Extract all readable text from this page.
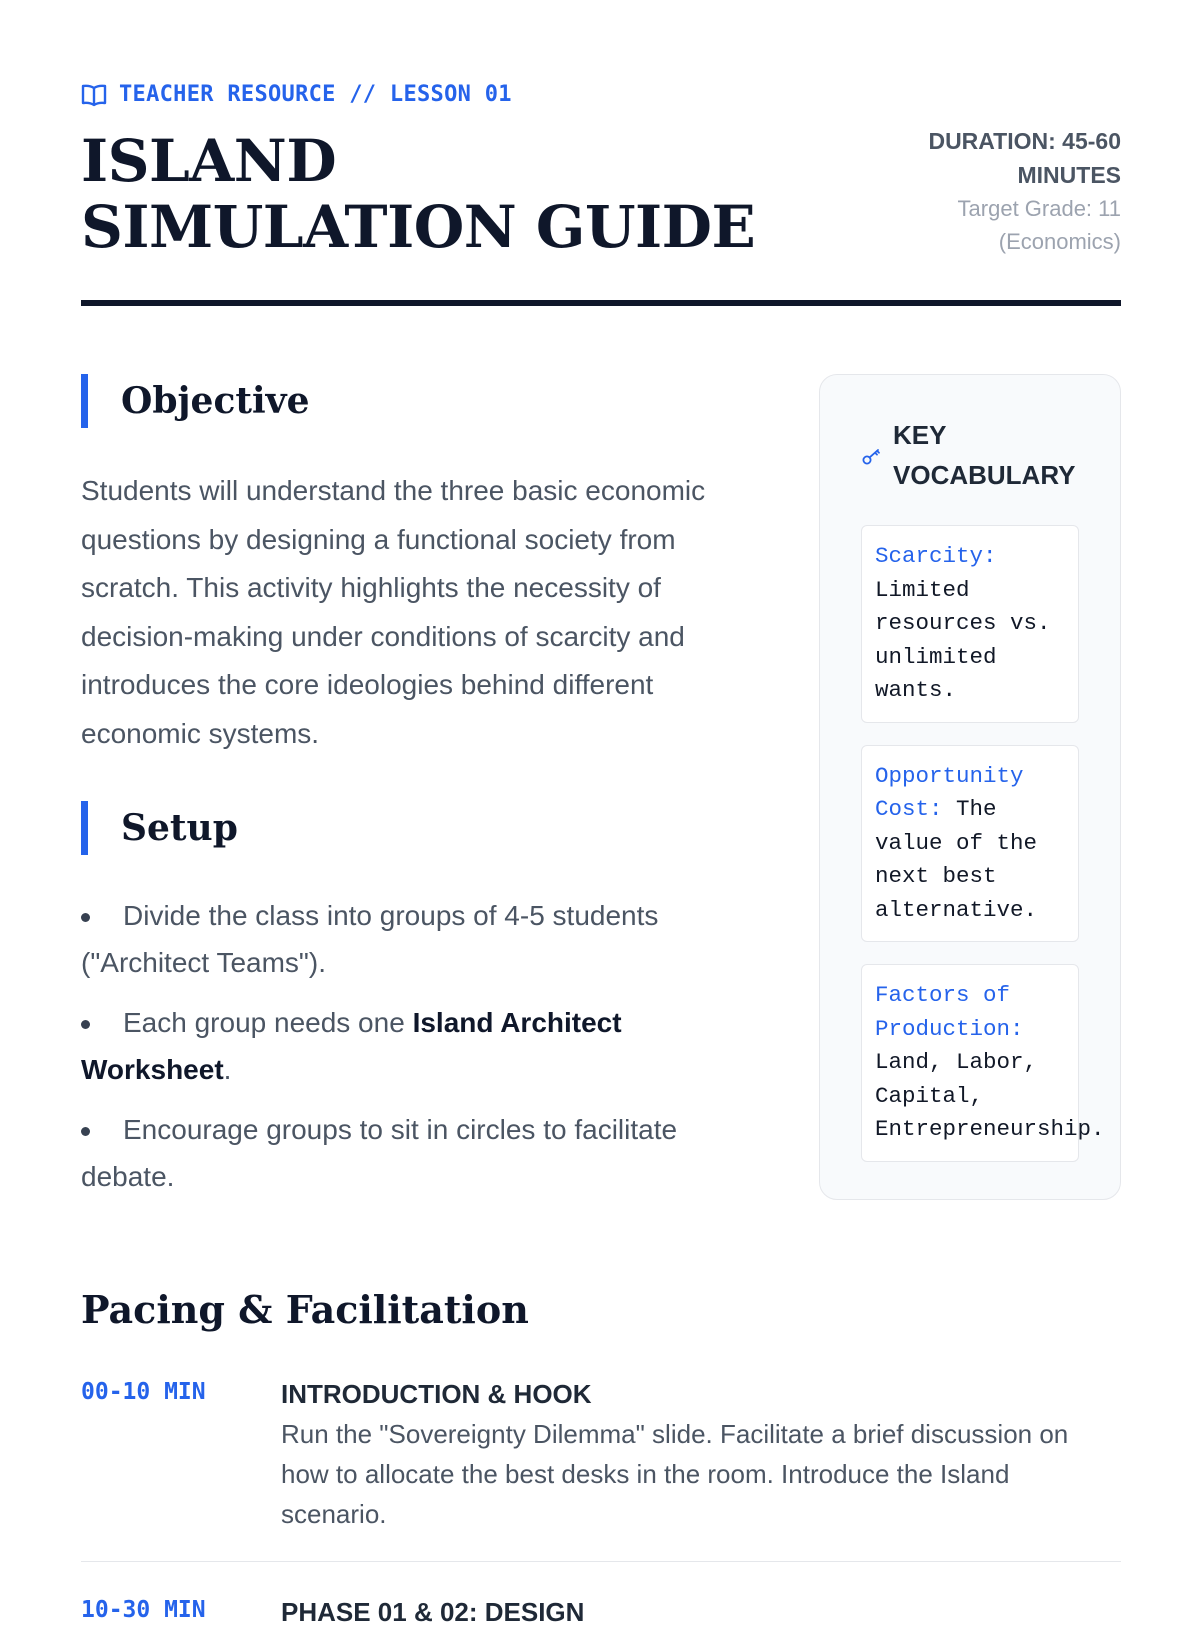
TEACHER RESOURCE // LESSON 01
ISLAND SIMULATION GUIDE
DURATION: 45-60 MINUTES
Target Grade: 11 (Economics)
Objective

Students will understand the three basic economic questions by designing a functional society from scratch. This activity highlights the necessity of decision-making under conditions of scarcity and introduces the core ideologies behind different economic systems.

Setup
Divide the class into groups of 4-5 students ("Architect Teams").
Each group needs one Island Architect Worksheet.
Encourage groups to sit in circles to facilitate debate.
KEY VOCABULARY
Scarcity: Limited resources vs. unlimited wants.
Opportunity Cost: The value of the next best alternative.
Factors of Production: Land, Labor, Capital, Entrepreneurship.
Pacing & Facilitation
00-10 MIN	INTRODUCTION & HOOK
Run the "Sovereignty Dilemma" slide. Facilitate a brief discussion on how to allocate the best desks in the room. Introduce the Island scenario.
10-30 MIN	PHASE 01 & 02: DESIGN
